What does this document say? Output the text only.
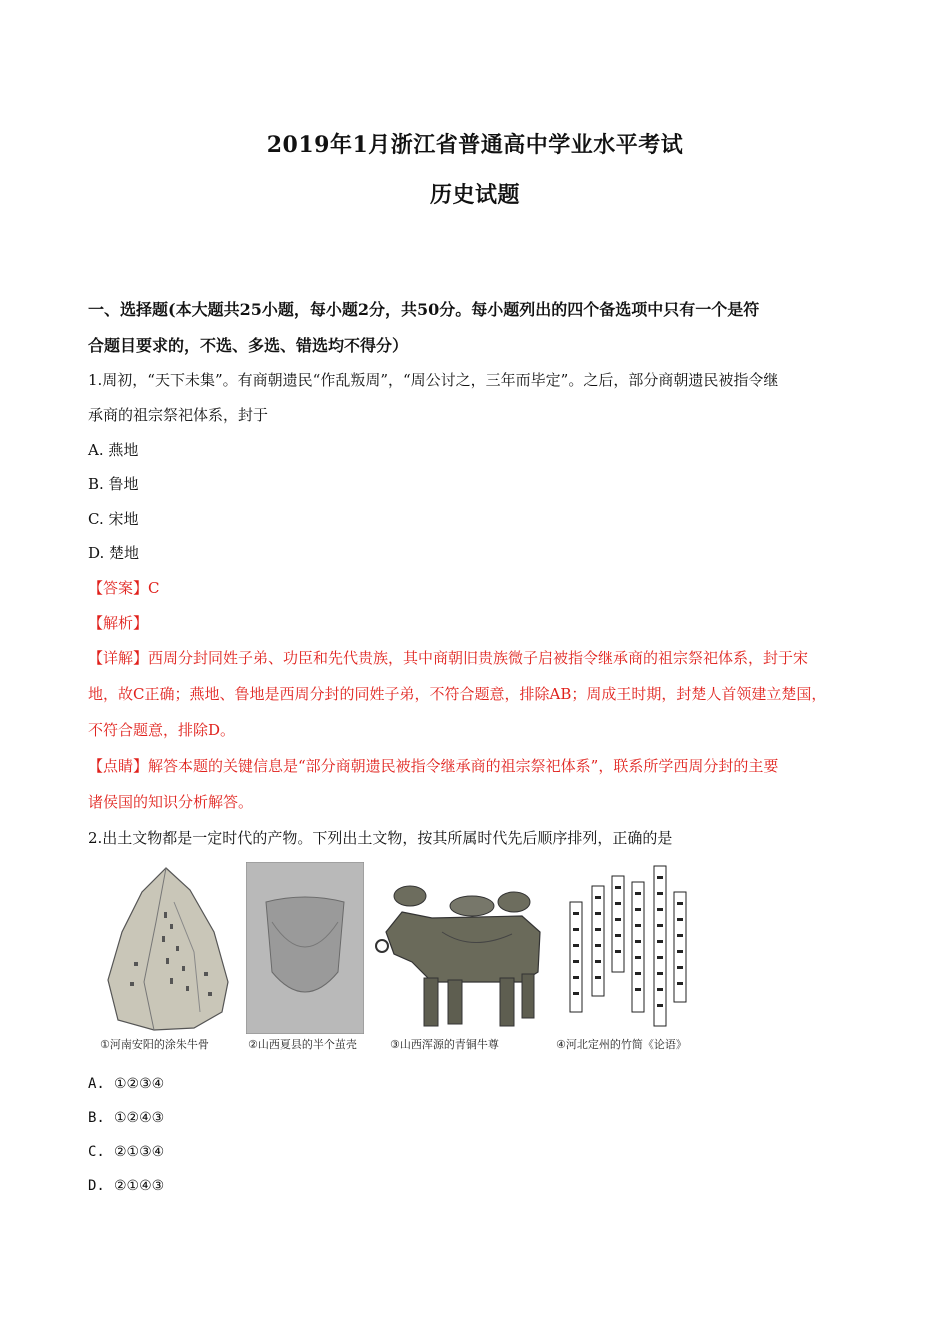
2019年1月浙江省普通高中学业水平考试
历史试题
一、选择题(本大题共25小题，每小题2分，共50分。每小题列出的四个备选项中只有一个是符
合题目要求的，不选、多选、错选均不得分）
1.周初，“天下未集”。有商朝遗民“作乱叛周”，“周公讨之，三年而毕定”。之后，部分商朝遗民被指令继
承商的祖宗祭祀体系，封于
A. 燕地
B. 鲁地
C. 宋地
D. 楚地
【答案】C
【解析】
【详解】西周分封同姓子弟、功臣和先代贵族，其中商朝旧贵族微子启被指令继承商的祖宗祭祀体系，封于宋
地，故C正确；燕地、鲁地是西周分封的同姓子弟，不符合题意，排除AB；周成王时期，封楚人首领建立楚国，
不符合题意，排除D。
【点睛】解答本题的关键信息是“部分商朝遗民被指令继承商的祖宗祭祀体系”，联系所学西周分封的主要
诸侯国的知识分析解答。
2.出土文物都是一定时代的产物。下列出土文物，按其所属时代先后顺序排列，正确的是
①河南安阳的涂朱牛骨	②山西夏县的半个茧壳	③山西浑源的青铜牛尊	④河北定州的竹简《论语》
A. ①②③④
B. ①②④③
C. ②①③④
D. ②①④③
